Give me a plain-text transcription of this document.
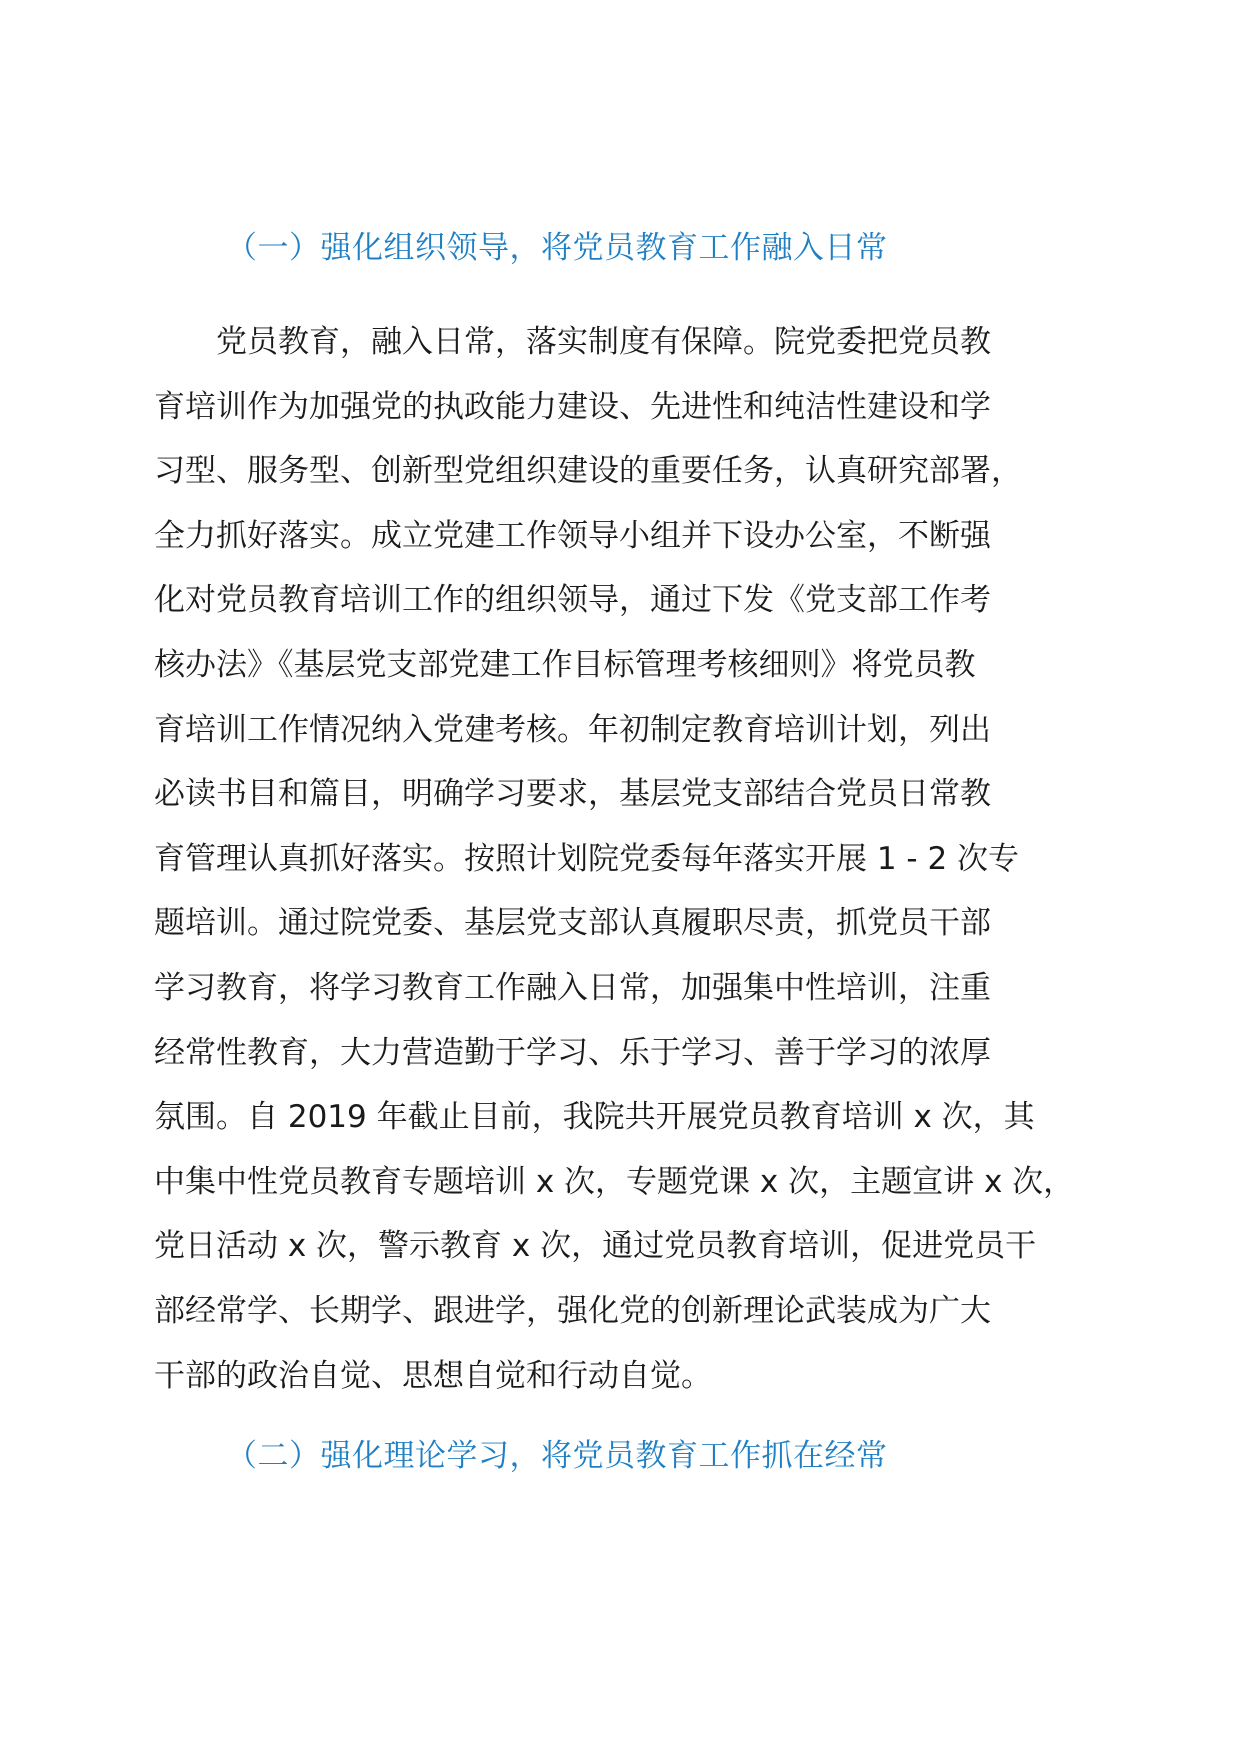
（一）强化组织领导，将党员教育工作融入日常
　　党员教育，融入日常，落实制度有保障。院党委把党员教
育培训作为加强党的执政能力建设、先进性和纯洁性建设和学
习型、服务型、创新型党组织建设的重要任务，认真研究部署，
全力抓好落实。成立党建工作领导小组并下设办公室，不断强
化对党员教育培训工作的组织领导，通过下发《党支部工作考
核办法》《基层党支部党建工作目标管理考核细则》将党员教
育培训工作情况纳入党建考核。年初制定教育培训计划，列出
必读书目和篇目，明确学习要求，基层党支部结合党员日常教
育管理认真抓好落实。按照计划院党委每年落实开展 1 - 2 次专
题培训。通过院党委、基层党支部认真履职尽责，抓党员干部
学习教育，将学习教育工作融入日常，加强集中性培训，注重
经常性教育，大力营造勤于学习、乐于学习、善于学习的浓厚
氛围。自 2019 年截止目前，我院共开展党员教育培训 x 次，其
中集中性党员教育专题培训 x 次，专题党课 x 次，主题宣讲 x 次，
党日活动 x 次，警示教育 x 次，通过党员教育培训，促进党员干
部经常学、长期学、跟进学，强化党的创新理论武装成为广大
干部的政治自觉、思想自觉和行动自觉。
（二）强化理论学习，将党员教育工作抓在经常
